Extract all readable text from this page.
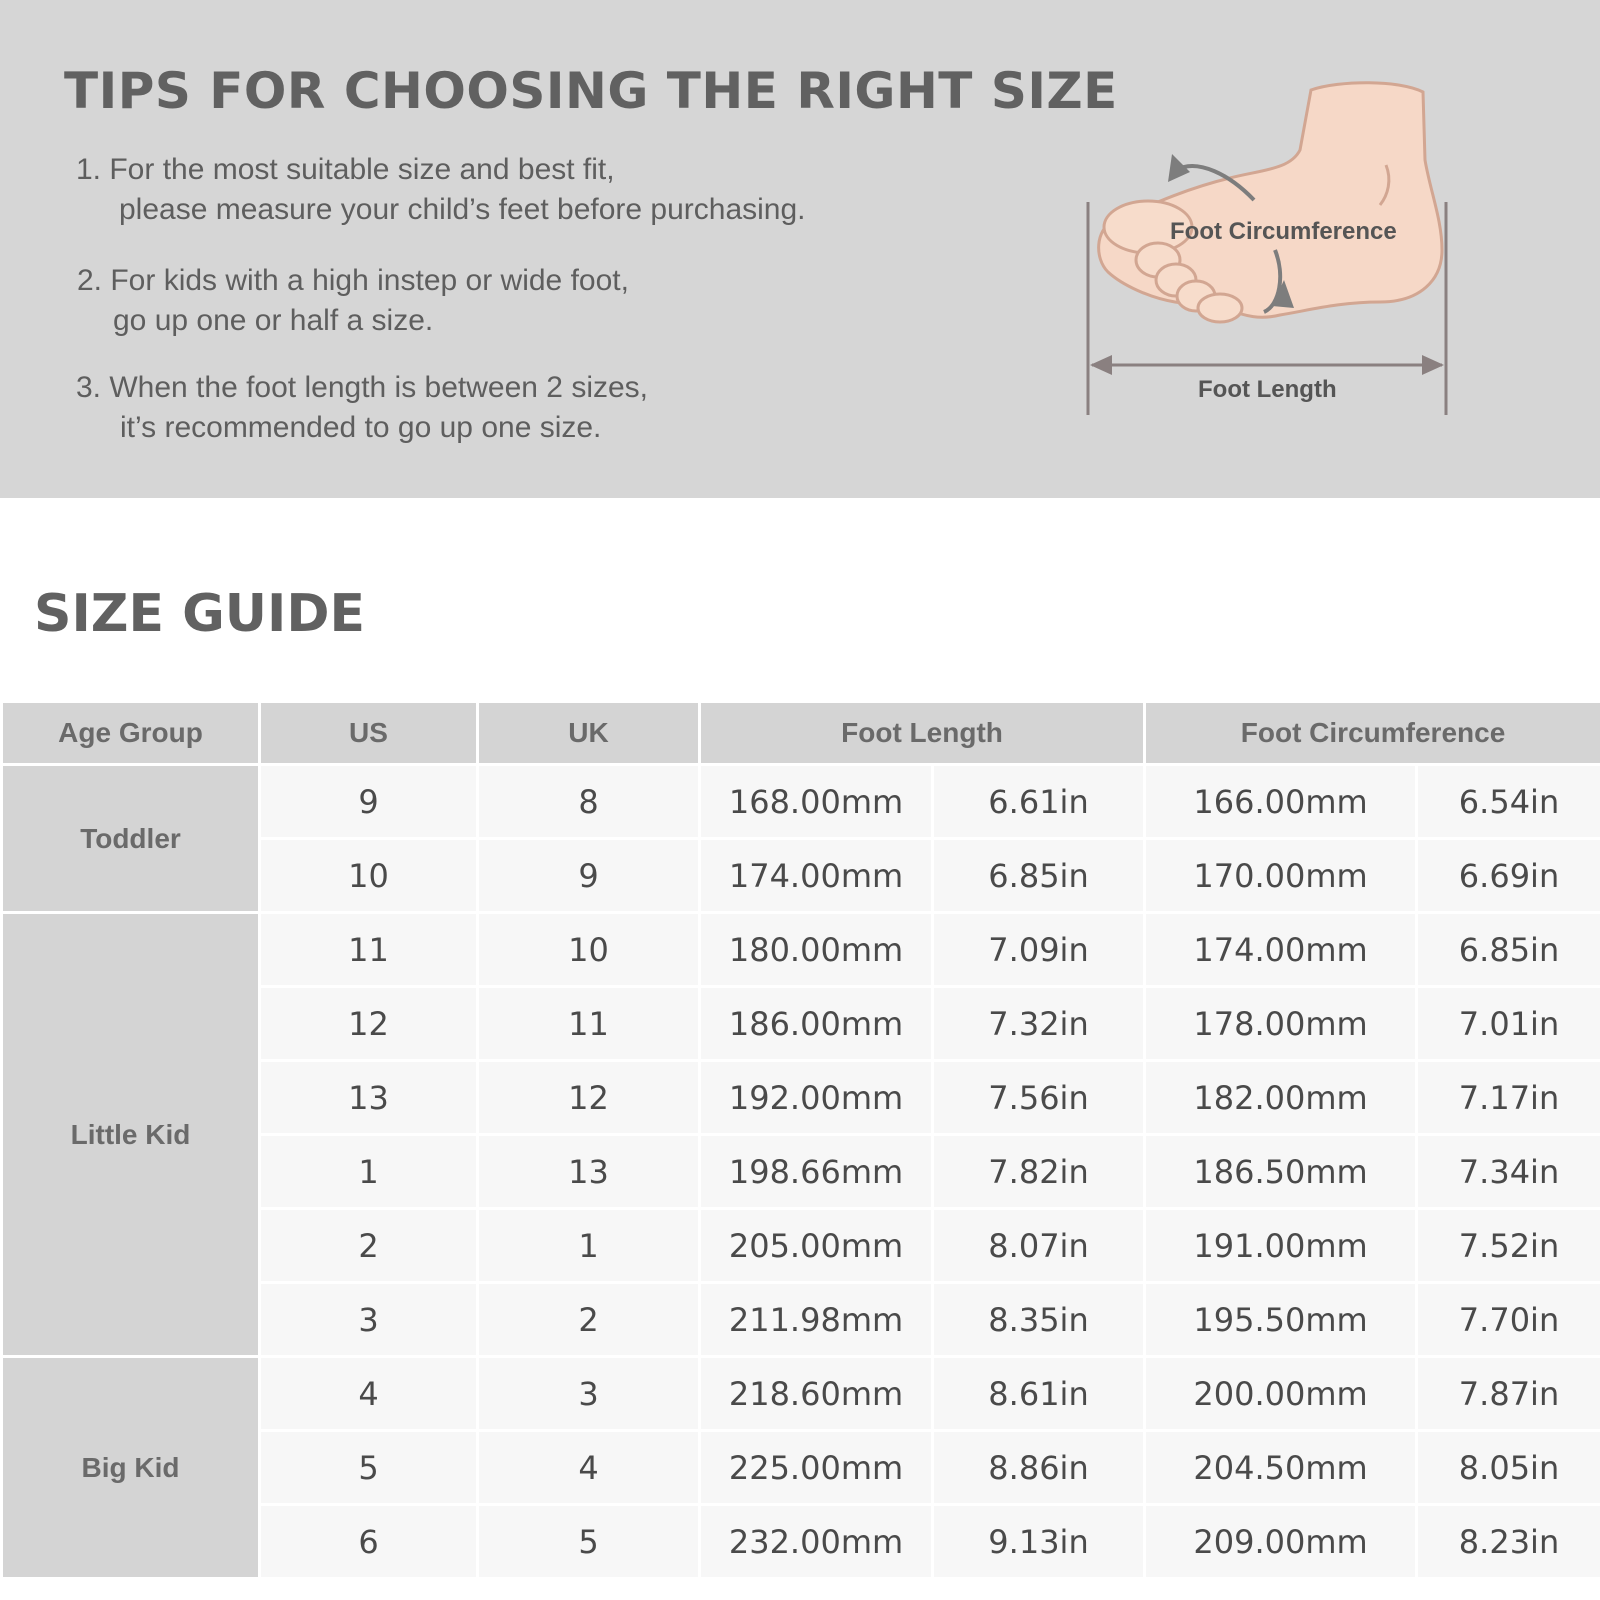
TIPS FOR CHOOSING THE RIGHT SIZE
1. For the most suitable size and best fit,
please measure your child’s feet before purchasing.
2. For kids with a high instep or wide foot,
go up one or half a size.
3. When the foot length is between 2 sizes,
it’s recommended to go up one size.
Foot Circumference
Foot Length
SIZE GUIDE
Age Group	US	UK	Foot Length		Foot Circumference	
Toddler	9	8	168.00mm	6.61in	166.00mm	6.54in
	10	9	174.00mm	6.85in	170.00mm	6.69in
Little Kid	11	10	180.00mm	7.09in	174.00mm	6.85in
	12	11	186.00mm	7.32in	178.00mm	7.01in
	13	12	192.00mm	7.56in	182.00mm	7.17in
	1	13	198.66mm	7.82in	186.50mm	7.34in
	2	1	205.00mm	8.07in	191.00mm	7.52in
	3	2	211.98mm	8.35in	195.50mm	7.70in
Big Kid	4	3	218.60mm	8.61in	200.00mm	7.87in
	5	4	225.00mm	8.86in	204.50mm	8.05in
	6	5	232.00mm	9.13in	209.00mm	8.23in
